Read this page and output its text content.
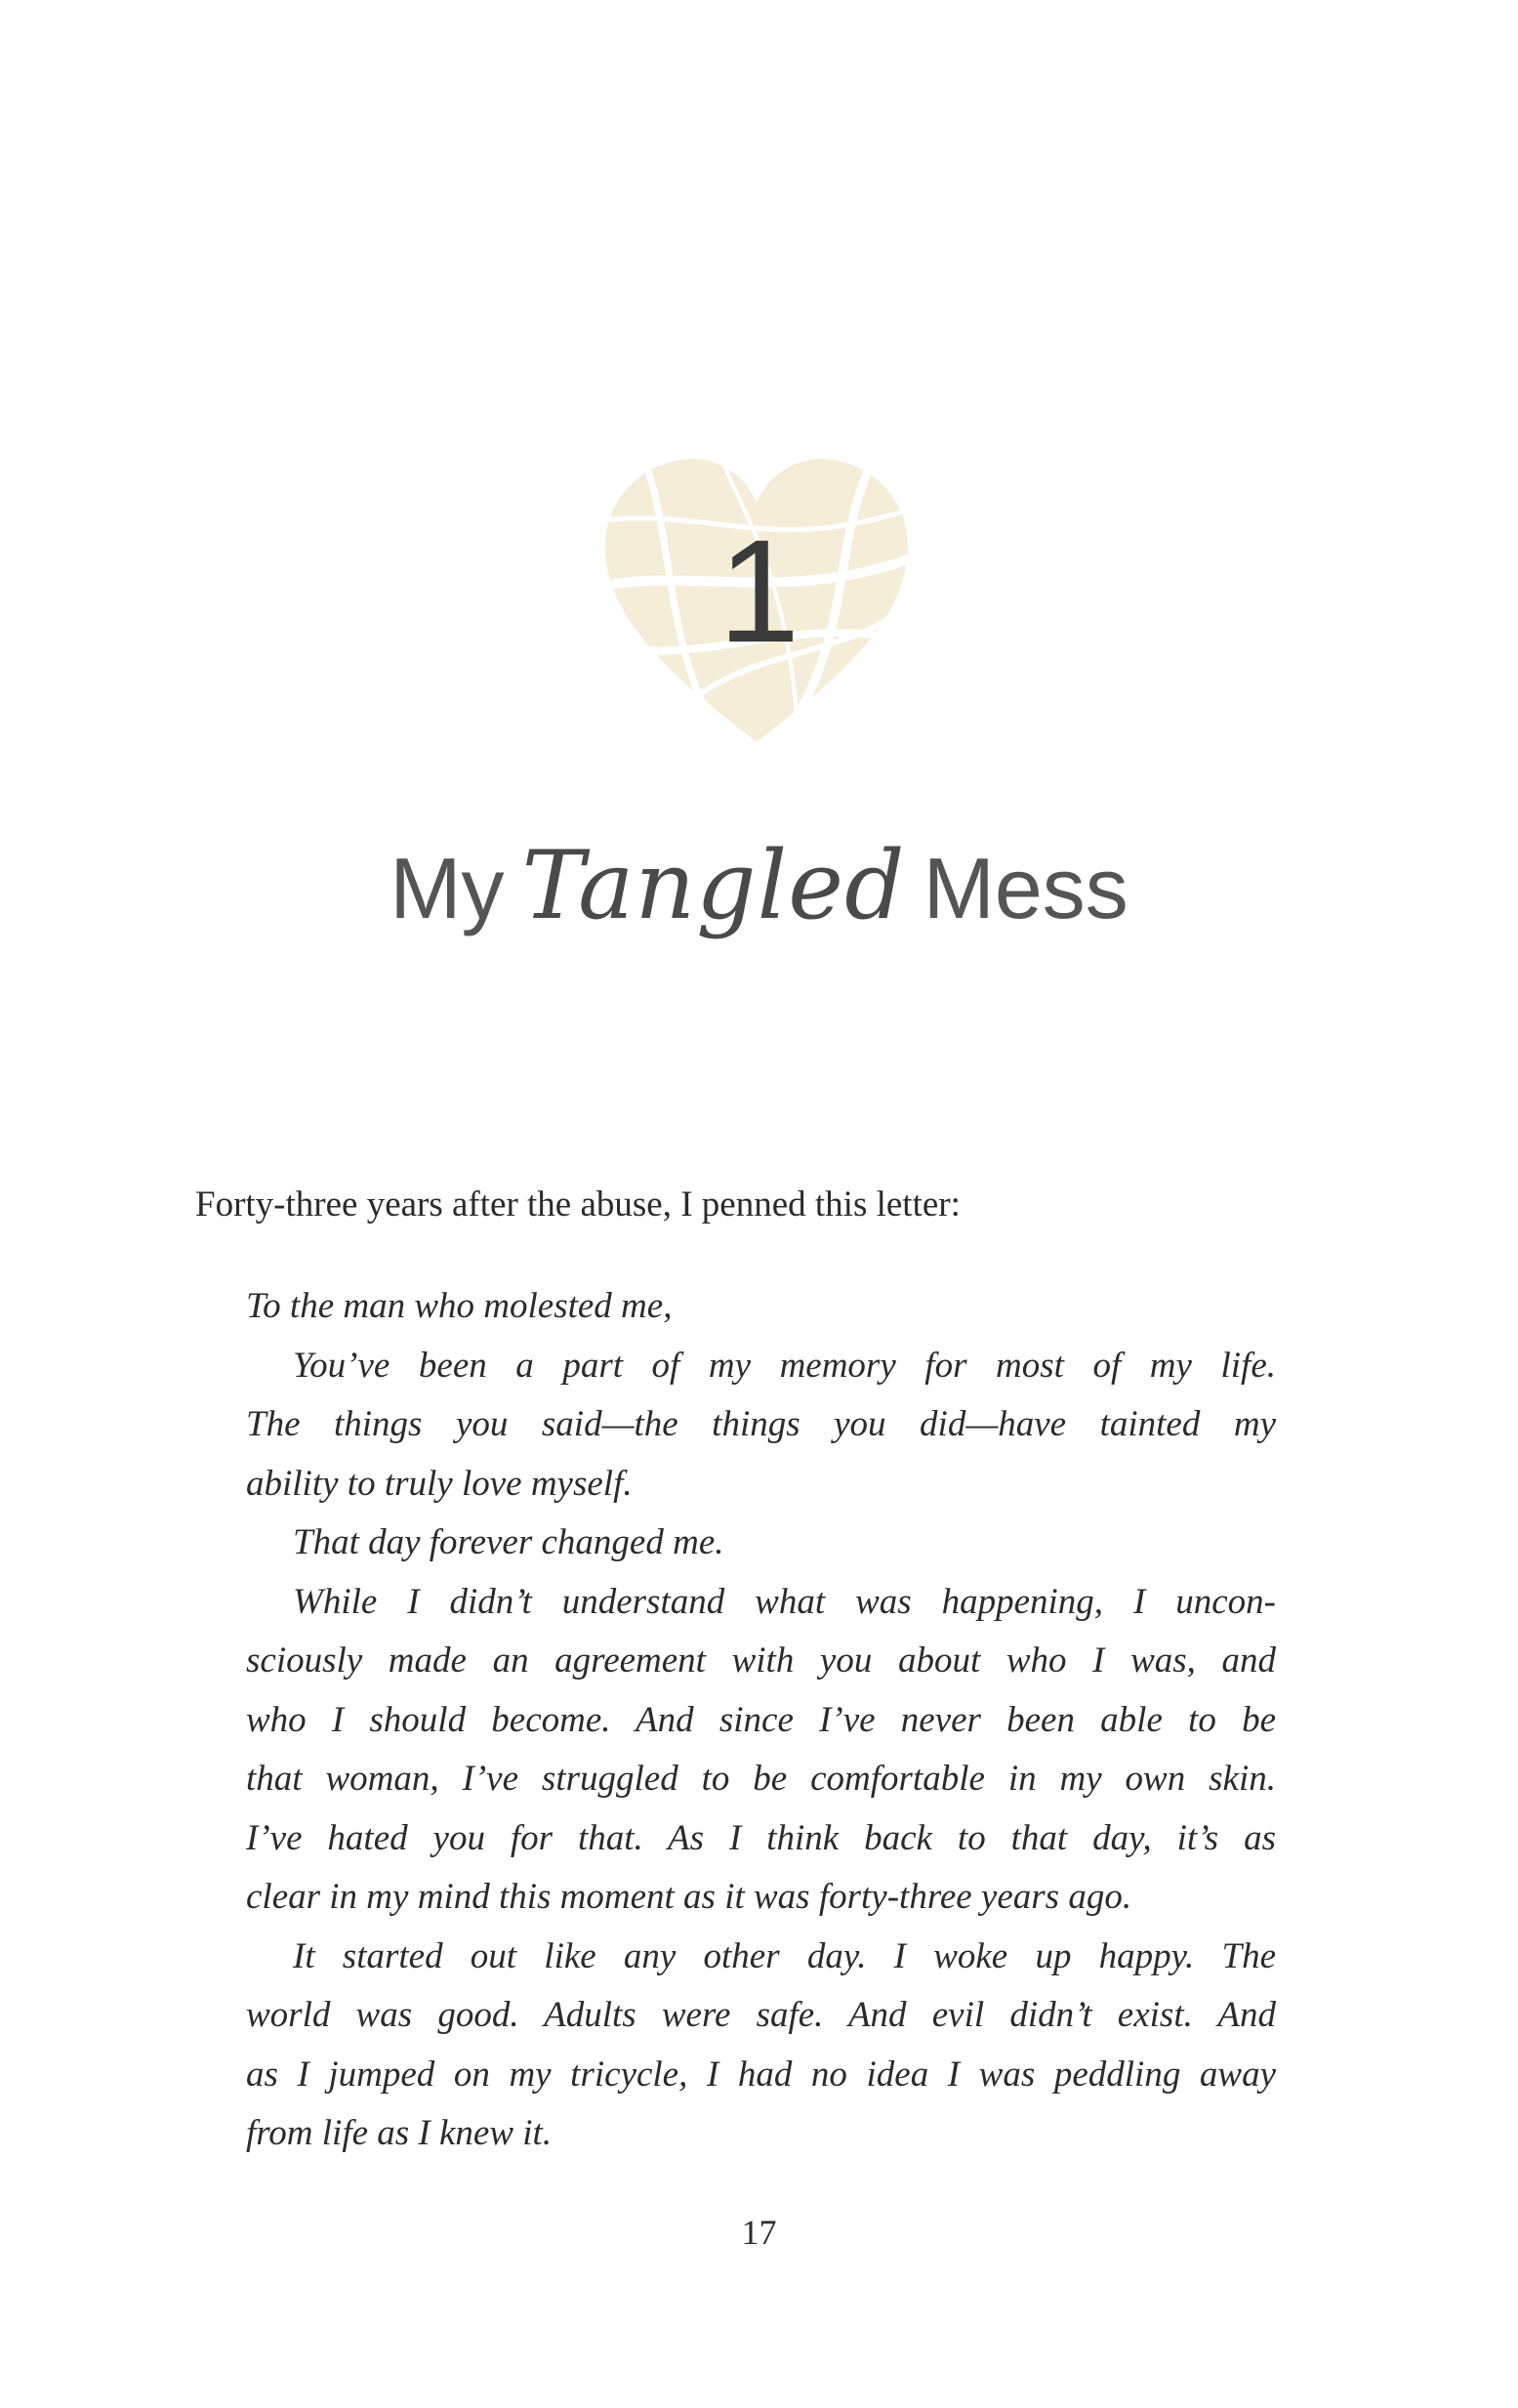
1
My Tangled Mess
Forty-three years after the abuse, I penned this letter:
To the man who molested me,
You’ve been a part of my memory for most of my life.
The things you said—the things you did—have tainted my
ability to truly love myself.
That day forever changed me.
While I didn’t understand what was happening, I uncon-
sciously made an agreement with you about who I was, and
who I should become. And since I’ve never been able to be
that woman, I’ve struggled to be comfortable in my own skin.
I’ve hated you for that. As I think back to that day, it’s as
clear in my mind this moment as it was forty-three years ago.
It started out like any other day. I woke up happy. The
world was good. Adults were safe. And evil didn’t exist. And
as I jumped on my tricycle, I had no idea I was peddling away
from life as I knew it.
17
